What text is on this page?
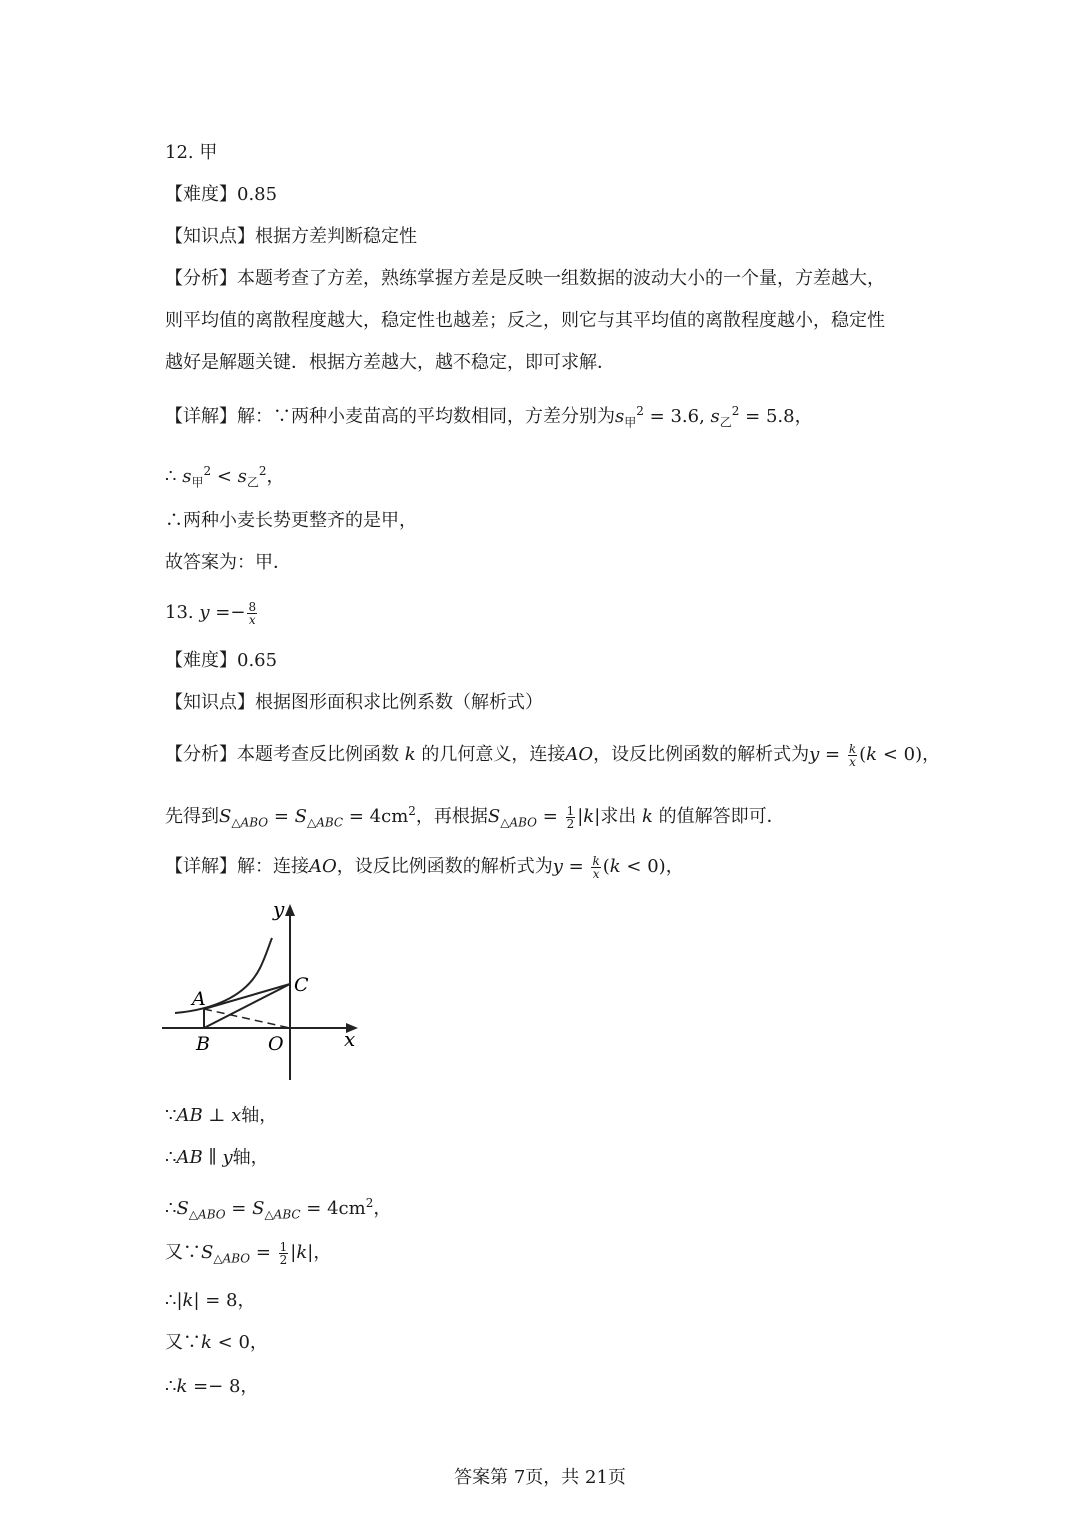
12. 甲
【难度】0.85
【知识点】根据方差判断稳定性
【分析】本题考查了方差，熟练掌握方差是反映一组数据的波动大小的一个量，方差越大，
则平均值的离散程度越大，稳定性也越差；反之，则它与其平均值的离散程度越小，稳定性
越好是解题关键．根据方差越大，越不稳定，即可求解．
【详解】解：∵两种小麦苗高的平均数相同，方差分别为$s_甲^2 = 3.6$, $s_乙^2 = 5.8$，
∴ $s_甲^2 < s_乙^2$，
∴两种小麦长势更整齐的是甲，
故答案为：甲．
13. $y =- \frac{8}{x}$
【难度】0.65
【知识点】根据图形面积求比例系数（解析式）
【分析】本题考查反比例函数 k 的几何意义，连接AO，设反比例函数的解析式为$y = \frac{k}{x} (k < 0)$，
先得到$S_{\triangle ABO} = S_{\triangle ABC} = 4cm^2$，再根据$S_{\triangle ABO} = \frac{1}{2} |k|$求出 k 的值解答即可．
【详解】解：连接AO，设反比例函数的解析式为$y = \frac{k}{x} (k < 0)$，
y
x
A
B
C
O
∵AB ⊥ x轴，
∴AB ∥ y轴，
$\therefore S_{\triangle ABO} = S_{\triangle ABC} = 4cm^2$，
又$\because S_{\triangle ABO} = \frac{1}{2} |k|$，
∴|k| = 8，
又∵k < 0，
∴k =− 8，
答案第 7页，共 21页
